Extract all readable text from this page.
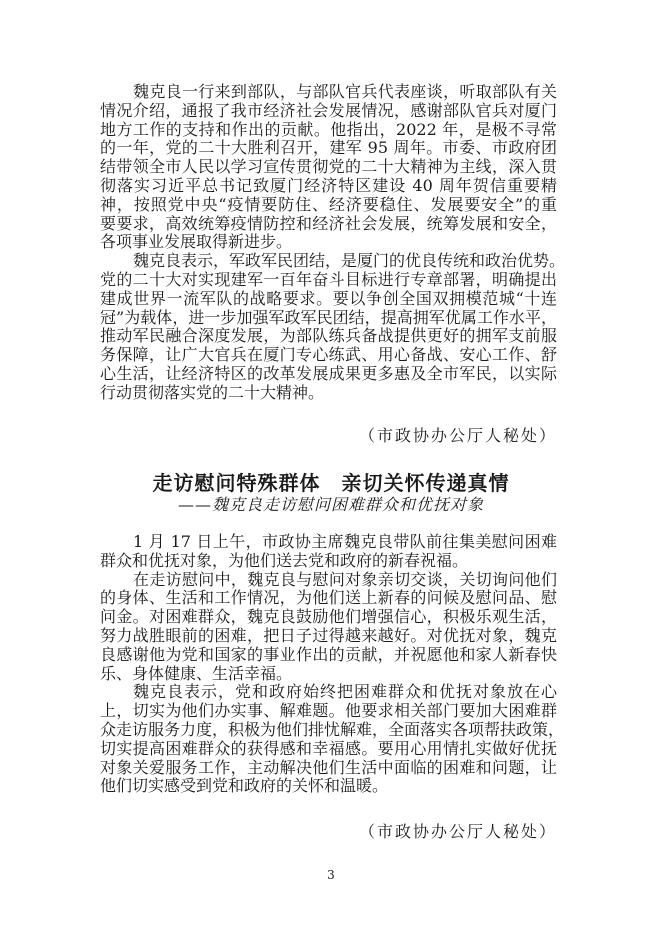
魏克良一行来到部队，与部队官兵代表座谈，听取部队有关
情况介绍，通报了我市经济社会发展情况，感谢部队官兵对厦门
地方工作的支持和作出的贡献。他指出，2022 年，是极不寻常
的一年，党的二十大胜利召开，建军 95 周年。市委、市政府团
结带领全市人民以学习宣传贯彻党的二十大精神为主线，深入贯
彻落实习近平总书记致厦门经济特区建设 40 周年贺信重要精
神，按照党中央“疫情要防住、经济要稳住、发展要安全”的重
要要求，高效统筹疫情防控和经济社会发展，统筹发展和安全，
各项事业发展取得新进步。
魏克良表示，军政军民团结，是厦门的优良传统和政治优势。
党的二十大对实现建军一百年奋斗目标进行专章部署，明确提出
建成世界一流军队的战略要求。要以争创全国双拥模范城“十连
冠”为载体，进一步加强军政军民团结，提高拥军优属工作水平，
推动军民融合深度发展，为部队练兵备战提供更好的拥军支前服
务保障，让广大官兵在厦门专心练武、用心备战、安心工作、舒
心生活，让经济特区的改革发展成果更多惠及全市军民，以实际
行动贯彻落实党的二十大精神。
（市政协办公厅人秘处）
走访慰问特殊群体　亲切关怀传递真情
——魏克良走访慰问困难群众和优抚对象
1 月 17 日上午，市政协主席魏克良带队前往集美慰问困难
群众和优抚对象，为他们送去党和政府的新春祝福。
在走访慰问中，魏克良与慰问对象亲切交谈，关切询问他们
的身体、生活和工作情况，为他们送上新春的问候及慰问品、慰
问金。对困难群众，魏克良鼓励他们增强信心，积极乐观生活，
努力战胜眼前的困难，把日子过得越来越好。对优抚对象，魏克
良感谢他为党和国家的事业作出的贡献，并祝愿他和家人新春快
乐、身体健康、生活幸福。
魏克良表示，党和政府始终把困难群众和优抚对象放在心
上，切实为他们办实事、解难题。他要求相关部门要加大困难群
众走访服务力度，积极为他们排忧解难，全面落实各项帮扶政策，
切实提高困难群众的获得感和幸福感。要用心用情扎实做好优抚
对象关爱服务工作，主动解决他们生活中面临的困难和问题，让
他们切实感受到党和政府的关怀和温暖。
（市政协办公厅人秘处）
3
